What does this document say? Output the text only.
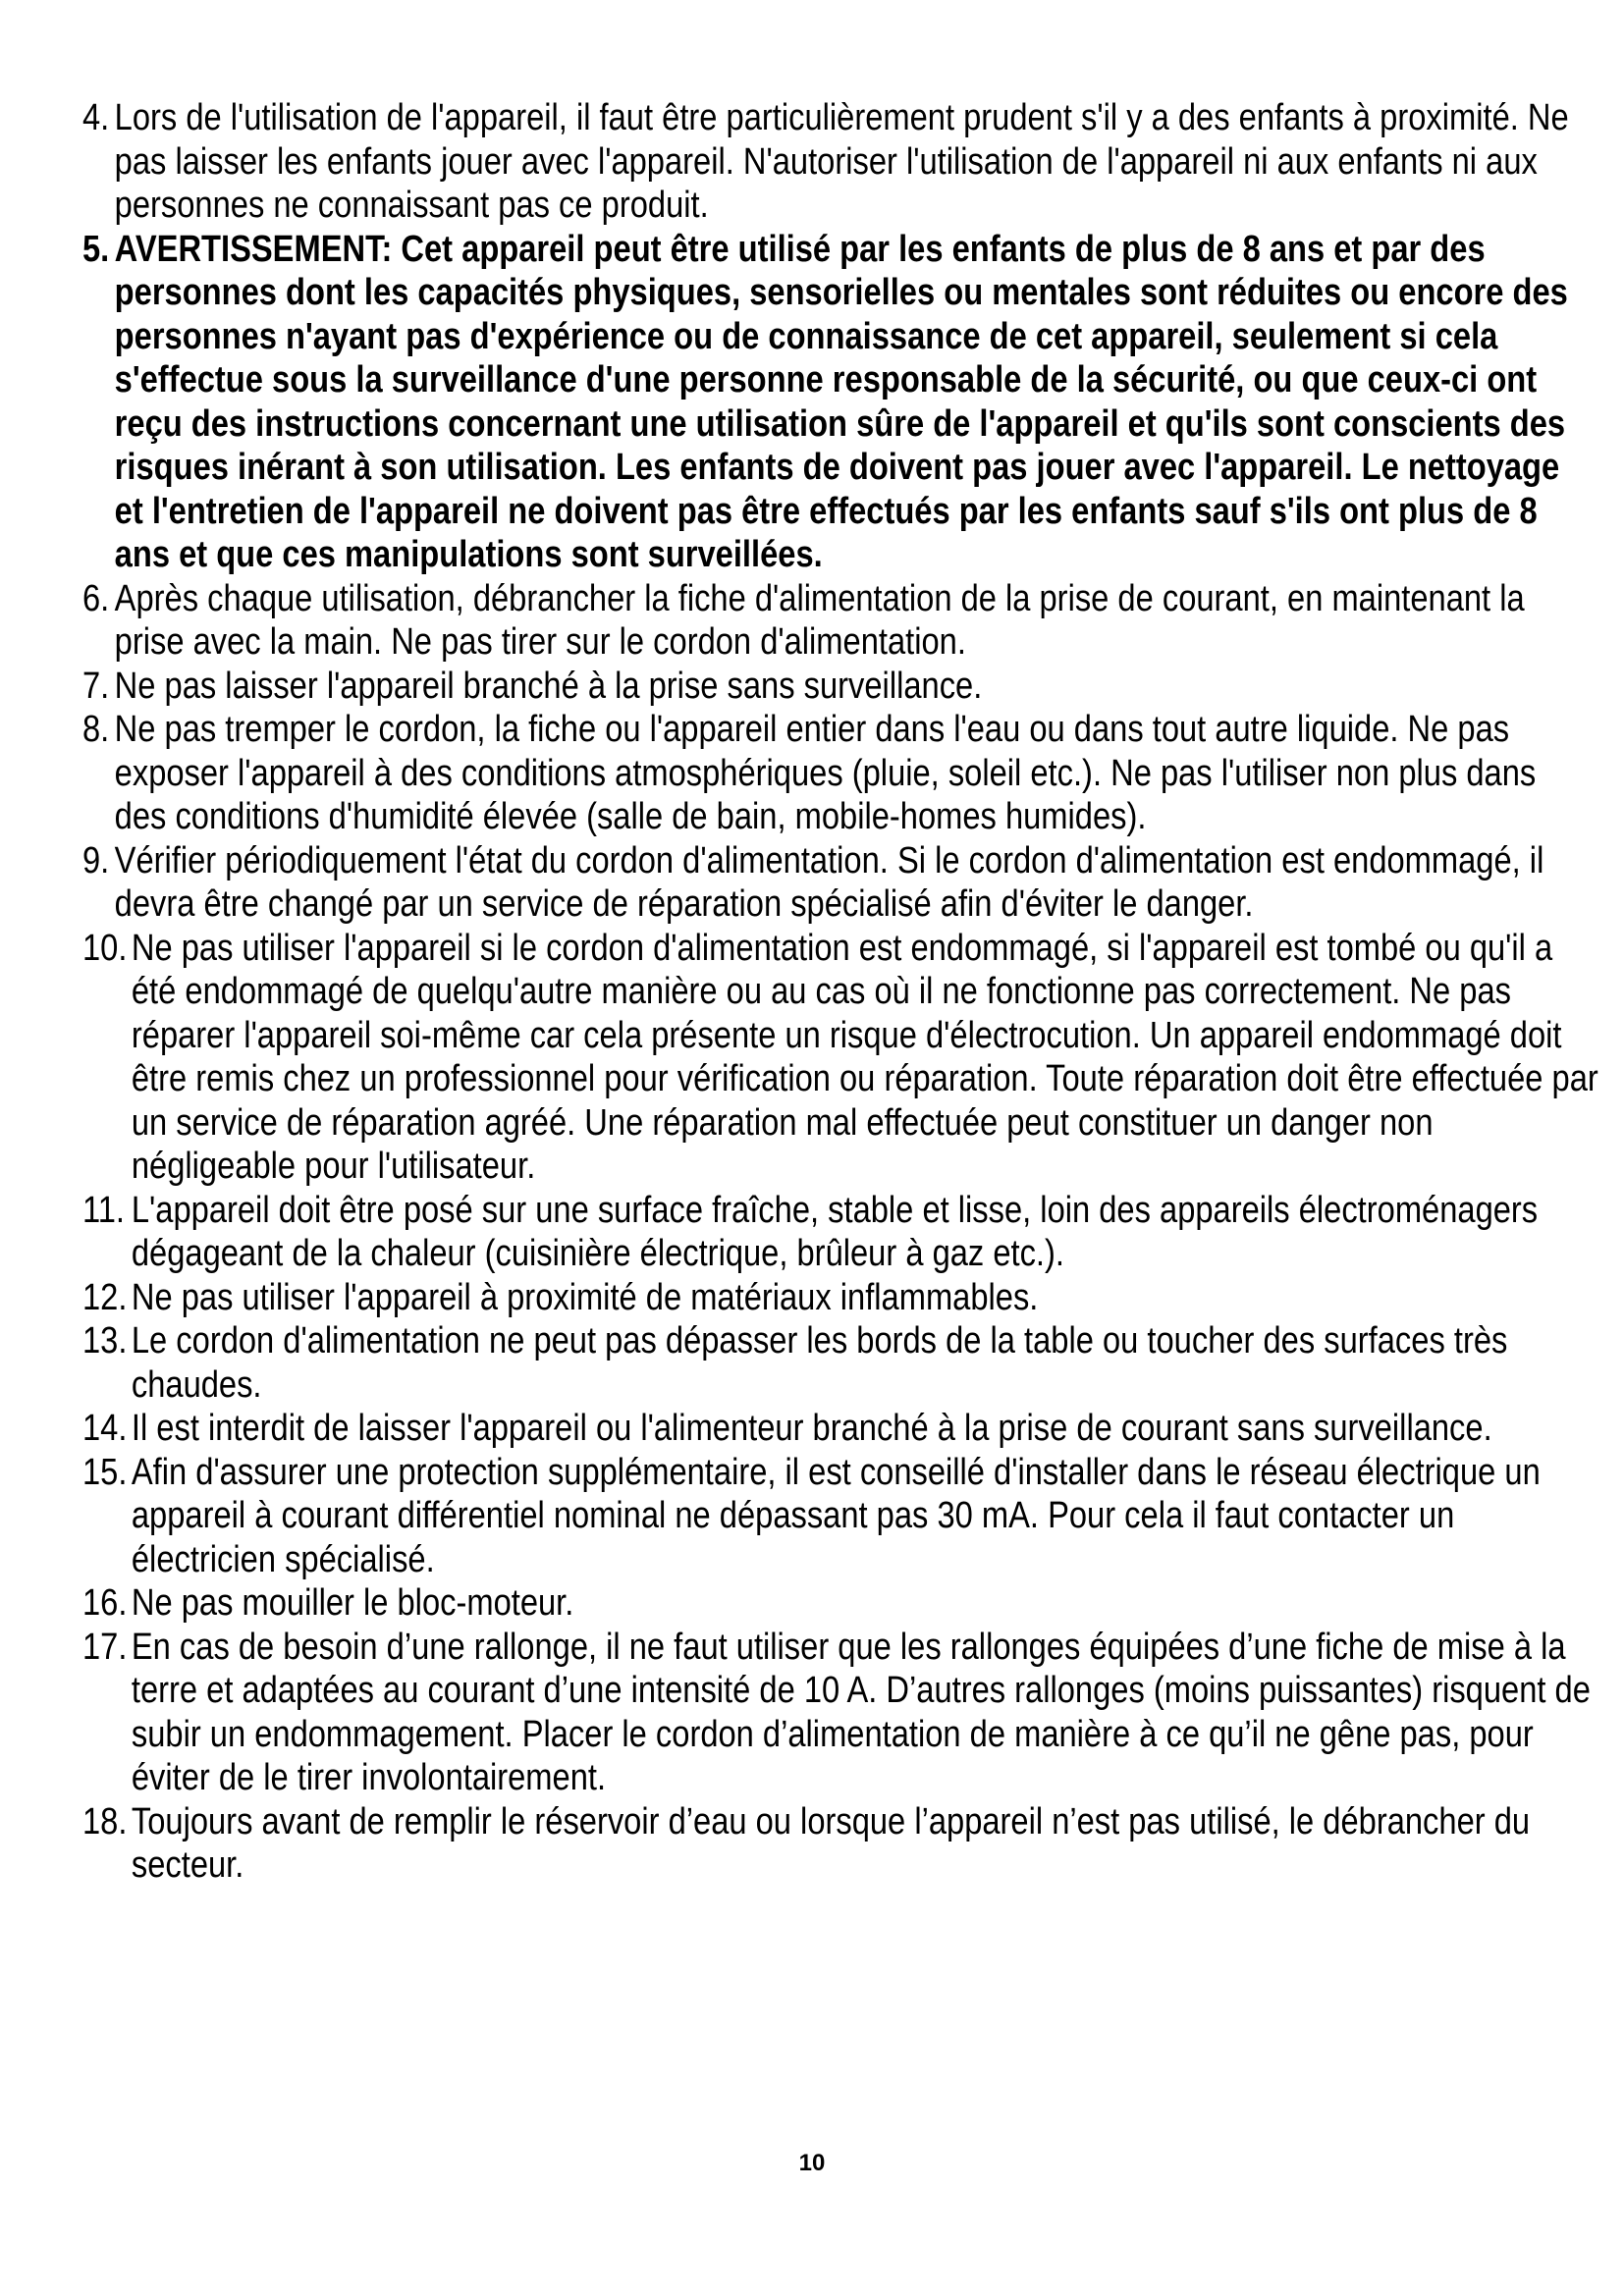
4. Lors de l'utilisation de l'appareil, il faut être particulièrement prudent s'il y a des enfants à proximité. Ne pas laisser les enfants jouer avec l'appareil. N'autoriser l'utilisation de l'appareil ni aux enfants ni aux personnes ne connaissant pas ce produit.

5. AVERTISSEMENT: Cet appareil peut être utilisé par les enfants de plus de 8 ans et par des personnes dont les capacités physiques, sensorielles ou mentales sont réduites ou encore des personnes n'ayant pas d'expérience ou de connaissance de cet appareil, seulement si cela s'effectue sous la surveillance d'une personne responsable de la sécurité, ou que ceux-ci ont reçu des instructions concernant une utilisation sûre de l'appareil et qu'ils sont conscients des risques inérant à son utilisation. Les enfants de doivent pas jouer avec l'appareil. Le nettoyage et l'entretien de l'appareil ne doivent pas être effectués par les enfants sauf s'ils ont plus de 8 ans et que ces manipulations sont surveillées.

6. Après chaque utilisation, débrancher la fiche d'alimentation de la prise de courant, en maintenant la prise avec la main. Ne pas tirer sur le cordon d'alimentation.

7. Ne pas laisser l'appareil branché à la prise sans surveillance.

8. Ne pas tremper le cordon, la fiche ou l'appareil entier dans l'eau ou dans tout autre liquide. Ne pas exposer l'appareil à des conditions atmosphériques (pluie, soleil etc.). Ne pas l'utiliser non plus dans des conditions d'humidité élevée (salle de bain, mobile-homes humides).

9. Vérifier périodiquement l'état du cordon d'alimentation. Si le cordon d'alimentation est endommagé, il devra être changé par un service de réparation spécialisé afin d'éviter le danger.

10. Ne pas utiliser l'appareil si le cordon d'alimentation est endommagé, si l'appareil est tombé ou qu'il a été endommagé de quelqu'autre manière ou au cas où il ne fonctionne pas correctement. Ne pas réparer l'appareil soi-même car cela présente un risque d'électrocution. Un appareil endommagé doit être remis chez un professionnel pour vérification ou réparation. Toute réparation doit être effectuée par un service de réparation agréé. Une réparation mal effectuée peut constituer un danger non négligeable pour l'utilisateur.

11. L'appareil doit être posé sur une surface fraîche, stable et lisse, loin des appareils électroménagers dégageant de la chaleur (cuisinière électrique, brûleur à gaz etc.).

12. Ne pas utiliser l'appareil à proximité de matériaux inflammables.

13. Le cordon d'alimentation ne peut pas dépasser les bords de la table ou toucher des surfaces très chaudes.

14. Il est interdit de laisser l'appareil ou l'alimenteur branché à la prise de courant sans surveillance.

15. Afin d'assurer une protection supplémentaire, il est conseillé d'installer dans le réseau électrique un appareil à courant différentiel nominal ne dépassant pas 30 mA. Pour cela il faut contacter un électricien spécialisé.

16. Ne pas mouiller le bloc-moteur.

17. En cas de besoin d’une rallonge, il ne faut utiliser que les rallonges équipées d’une fiche de mise à la terre et adaptées au courant d’une intensité de 10 A. D’autres rallonges (moins puissantes) risquent de subir un endommagement. Placer le cordon d’alimentation de manière à ce qu’il ne gêne pas, pour éviter de le tirer involontairement.

18. Toujours avant de remplir le réservoir d’eau ou lorsque l’appareil n’est pas utilisé, le débrancher du secteur.

10
